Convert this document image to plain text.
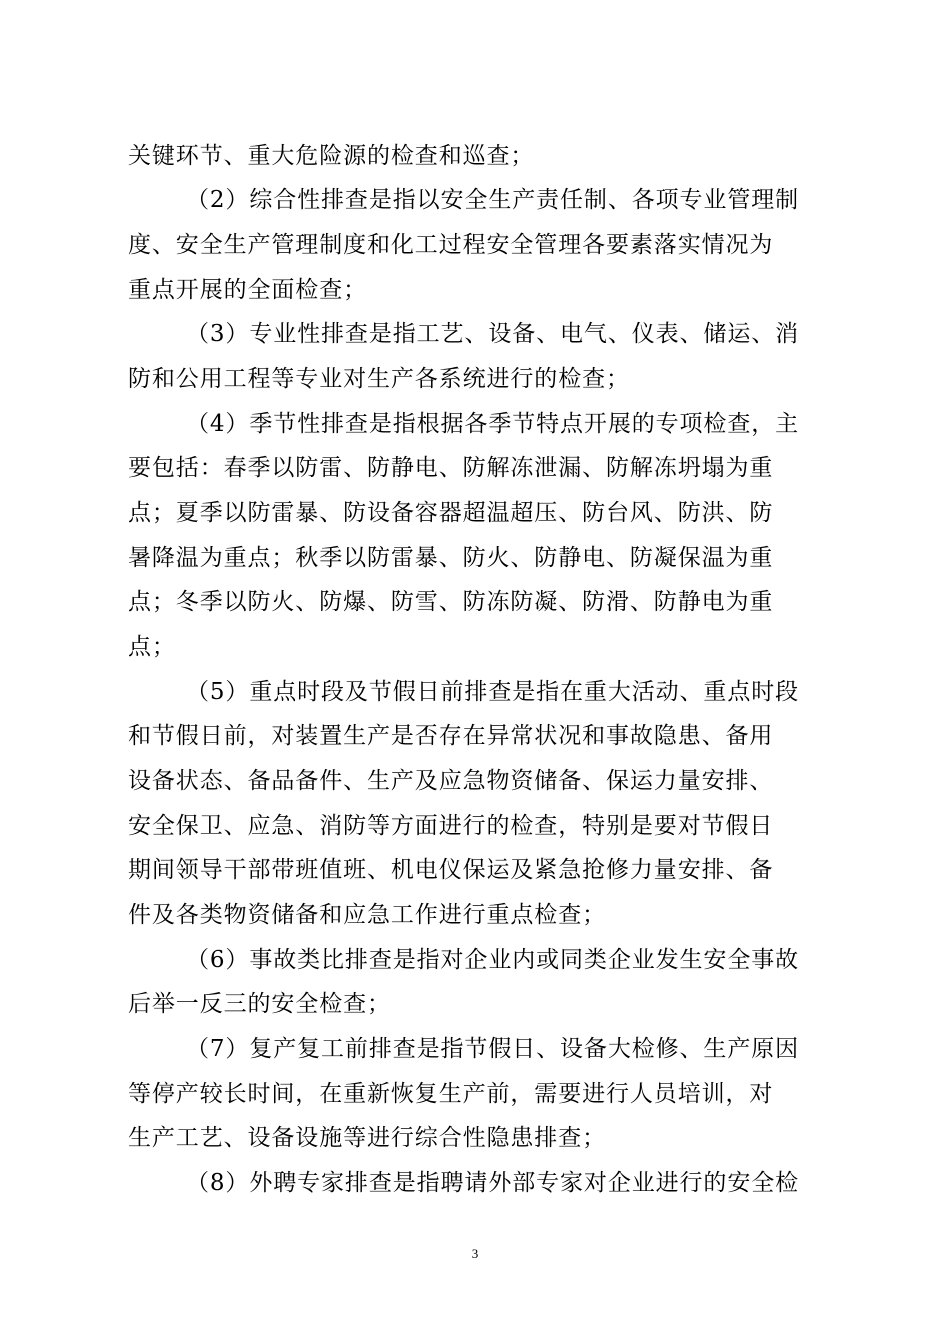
关键环节、重大危险源的检查和巡查；
（2）综合性排查是指以安全生产责任制、各项专业管理制
度、安全生产管理制度和化工过程安全管理各要素落实情况为
重点开展的全面检查；
（3）专业性排查是指工艺、设备、电气、仪表、储运、消
防和公用工程等专业对生产各系统进行的检查；
（4）季节性排查是指根据各季节特点开展的专项检查，主
要包括：春季以防雷、防静电、防解冻泄漏、防解冻坍塌为重
点；夏季以防雷暴、防设备容器超温超压、防台风、防洪、防
暑降温为重点；秋季以防雷暴、防火、防静电、防凝保温为重
点；冬季以防火、防爆、防雪、防冻防凝、防滑、防静电为重
点；
（5）重点时段及节假日前排查是指在重大活动、重点时段
和节假日前，对装置生产是否存在异常状况和事故隐患、备用
设备状态、备品备件、生产及应急物资储备、保运力量安排、
安全保卫、应急、消防等方面进行的检查，特别是要对节假日
期间领导干部带班值班、机电仪保运及紧急抢修力量安排、备
件及各类物资储备和应急工作进行重点检查；
（6）事故类比排查是指对企业内或同类企业发生安全事故
后举一反三的安全检查；
（7）复产复工前排查是指节假日、设备大检修、生产原因
等停产较长时间，在重新恢复生产前，需要进行人员培训，对
生产工艺、设备设施等进行综合性隐患排查；
（8）外聘专家排查是指聘请外部专家对企业进行的安全检
3
